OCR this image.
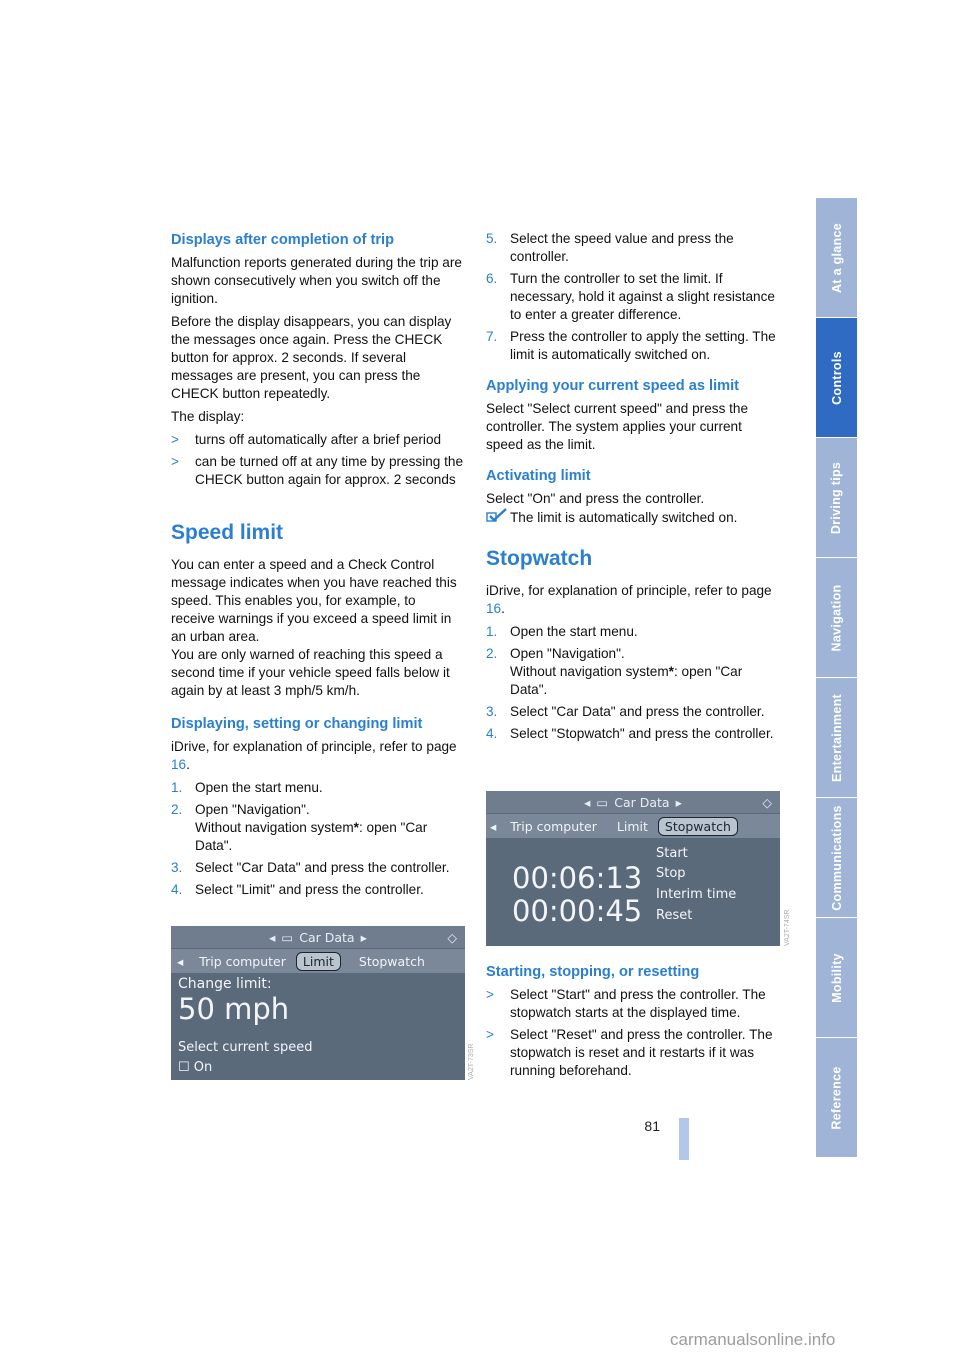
Displays after completion of trip

Malfunction reports generated during the trip are shown consecutively when you switch off the ignition.

Before the display disappears, you can display the messages once again. Press the CHECK button for approx. 2 seconds. If several messages are present, you can press the CHECK button repeatedly.

The display:

>	turns off automatically after a brief period
>	can be turned off at any time by pressing the CHECK button again for approx. 2 seconds
Speed limit

You can enter a speed and a Check Control message indicates when you have reached this speed. This enables you, for example, to receive warnings if you exceed a speed limit in an urban area.

You are only warned of reaching this speed a second time if your vehicle speed falls below it again by at least 3 mph/5 km/h.

Displaying, setting or changing limit

iDrive, for explanation of principle, refer to page 16.

1. Open the start menu.
2. Open "Navigation".
Without navigation system*: open "Car Data".
3. Select "Car Data" and press the controller.
4. Select "Limit" and press the controller.
◂ ▭ Car Data ▸	◇
◂	Trip computer	Limit	Stopwatch
Change limit:
50 mph
Select current speed
☐ On	VA2T-73SR
5. Select the speed value and press the controller.
6. Turn the controller to set the limit. If necessary, hold it against a slight resistance to enter a greater difference.
7. Press the controller to apply the setting. The limit is automatically switched on.
Applying your current speed as limit

Select "Select current speed" and press the controller. The system applies your current speed as the limit.

Activating limit

Select "On" and press the controller.

The limit is automatically switched on.

Stopwatch

iDrive, for explanation of principle, refer to page 16.

1. Open the start menu.
2. Open "Navigation".
Without navigation system*: open "Car Data".
3. Select "Car Data" and press the controller.
4. Select "Stopwatch" and press the controller.
◂ ▭ Car Data ▸	◇
◂	Trip computer	Limit	Stopwatch
00:06:13
00:00:45
Start
Stop
Interim time
Reset	VA2T-74SR
Starting, stopping, or resetting
>	Select "Start" and press the controller. The stopwatch starts at the displayed time.
>	Select "Reset" and press the controller. The stopwatch is reset and it restarts if it was running beforehand.
At a glance
Controls
Driving tips
Navigation
Entertainment
Communications
Mobility
Reference
81
carmanualsonline.info
